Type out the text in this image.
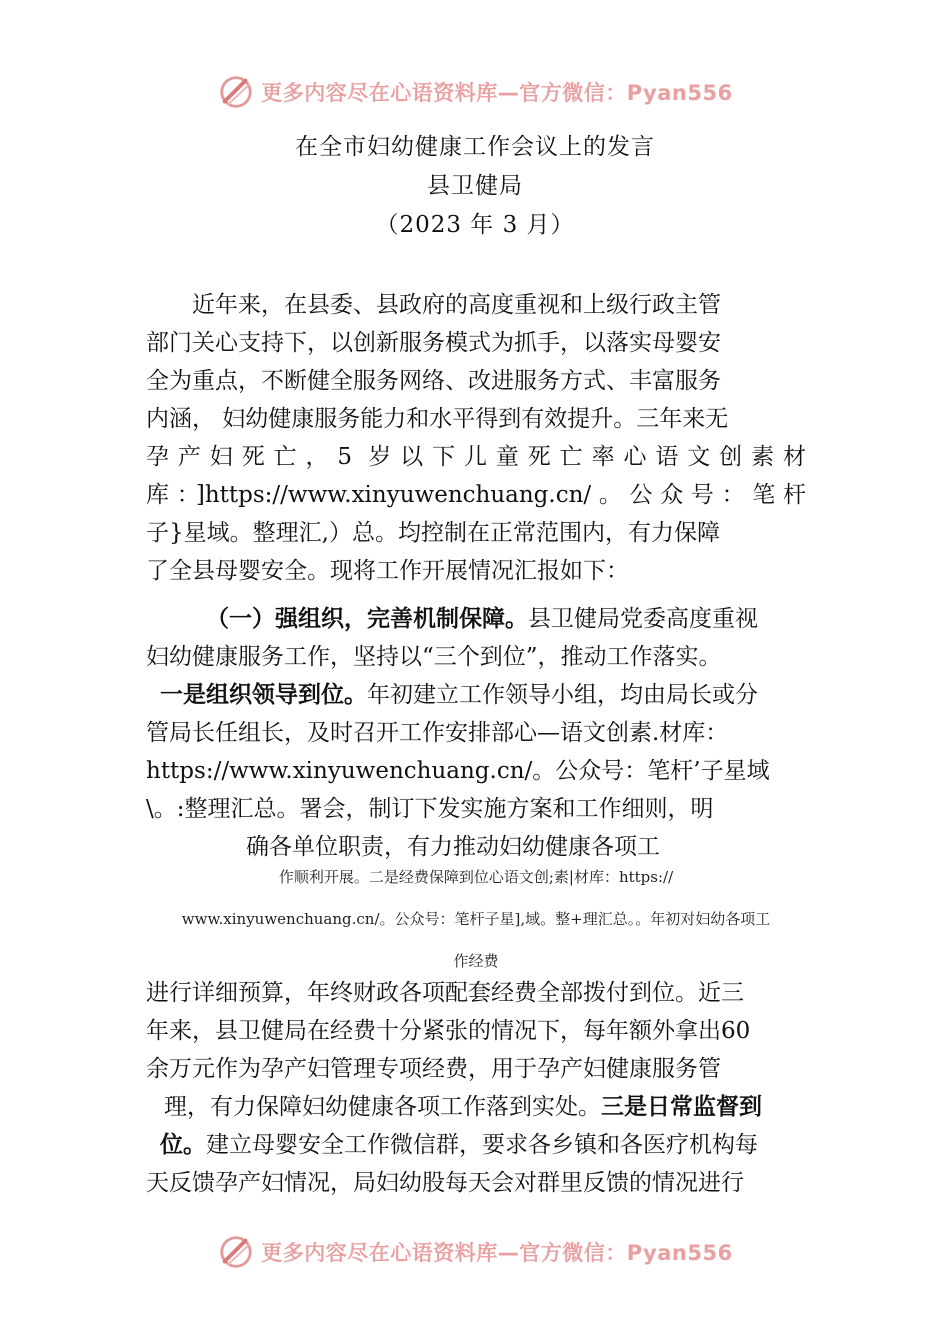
更多内容尽在心语资料库—官方微信：Pyan556
在全市妇幼健康工作会议上的发言
县卫健局
（2023 年 3 月）
近年来，在县委、县政府的高度重视和上级行政主管
部门关心支持下，以创新服务模式为抓手，以落实母婴安
全为重点，不断健全服务网络、改进服务方式、丰富服务
内涵， 妇幼健康服务能力和水平得到有效提升。三年来无
孕产妇死亡，5 岁以下儿童死亡率心语文创素材
库：]https://www.xinyuwenchuang.cn/。公众号：笔杆
子}星域。整理汇,）总。均控制在正常范围内，有力保障
了全县母婴安全。现将工作开展情况汇报如下：
（一）强组织，完善机制保障。县卫健局党委高度重视
妇幼健康服务工作，坚持以“三个到位”，推动工作落实。
一是组织领导到位。年初建立工作领导小组，均由局长或分
管局长任组长，及时召开工作安排部心—语文创素.材库：
https://www.xinyuwenchuang.cn/。公众号：笔杆’子星域
\。:整理汇总。署会，制订下发实施方案和工作细则，明
确各单位职责，有力推动妇幼健康各项工
作顺利开展。二是经费保障到位心语文创;素|材库：https://
www.xinyuwenchuang.cn/。公众号：笔杆子星],域。整+理汇总。。年初对妇幼各项工
作经费
进行详细预算，年终财政各项配套经费全部拨付到位。近三
年来，县卫健局在经费十分紧张的情况下，每年额外拿出60
余万元作为孕产妇管理专项经费，用于孕产妇健康服务管
理，有力保障妇幼健康各项工作落到实处。三是日常监督到
位。建立母婴安全工作微信群，要求各乡镇和各医疗机构每
天反馈孕产妇情况，局妇幼股每天会对群里反馈的情况进行
更多内容尽在心语资料库—官方微信：Pyan556
